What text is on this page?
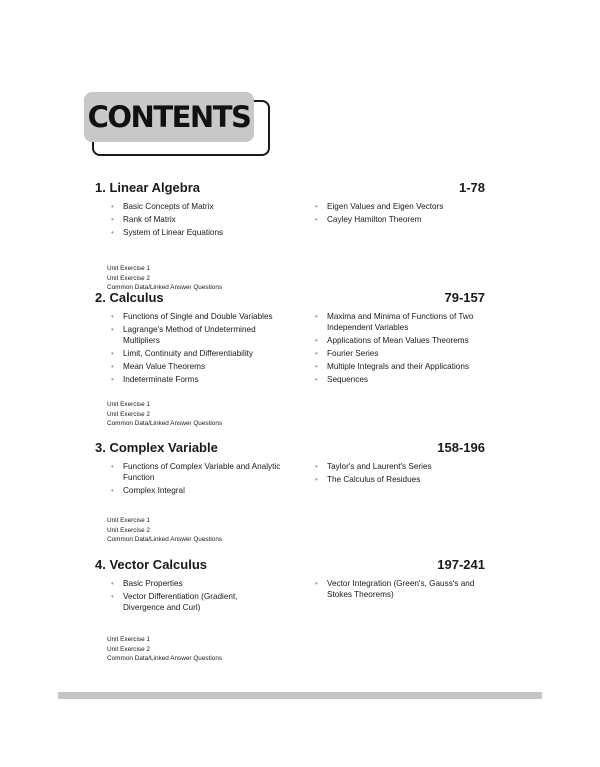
CONTENTS
1. Linear Algebra	1-78
• Basic Concepts of Matrix
• Rank of Matrix
• System of Linear Equations
• Eigen Values and Eigen Vectors
• Cayley Hamilton Theorem
Unit Exercise 1
Unit Exercise 2
Common Data/Linked Answer Questions
2. Calculus	79-157
• Functions of Single and Double Variables
• Lagrange's Method of Undetermined Multipliers
• Limit, Continuity and Differentiability
• Mean Value Theorems
• Indeterminate Forms
• Maxima and Minima of Functions of Two Independent Variables
• Applications of Mean Values Theorems
• Fourier Series
• Multiple Integrals and their Applications
• Sequences
Unit Exercise 1
Unit Exercise 2
Common Data/Linked Answer Questions
3. Complex Variable	158-196
• Functions of Complex Variable and Analytic Function
• Complex Integral
• Taylor's and Laurent's Series
• The Calculus of Residues
Unit Exercise 1
Unit Exercise 2
Common Data/Linked Answer Questions
4. Vector Calculus	197-241
• Basic Properties
• Vector Differentiation (Gradient, Divergence and Curl)
• Vector Integration (Green's, Gauss's and Stokes Theorems)
Unit Exercise 1
Unit Exercise 2
Common Data/Linked Answer Questions
